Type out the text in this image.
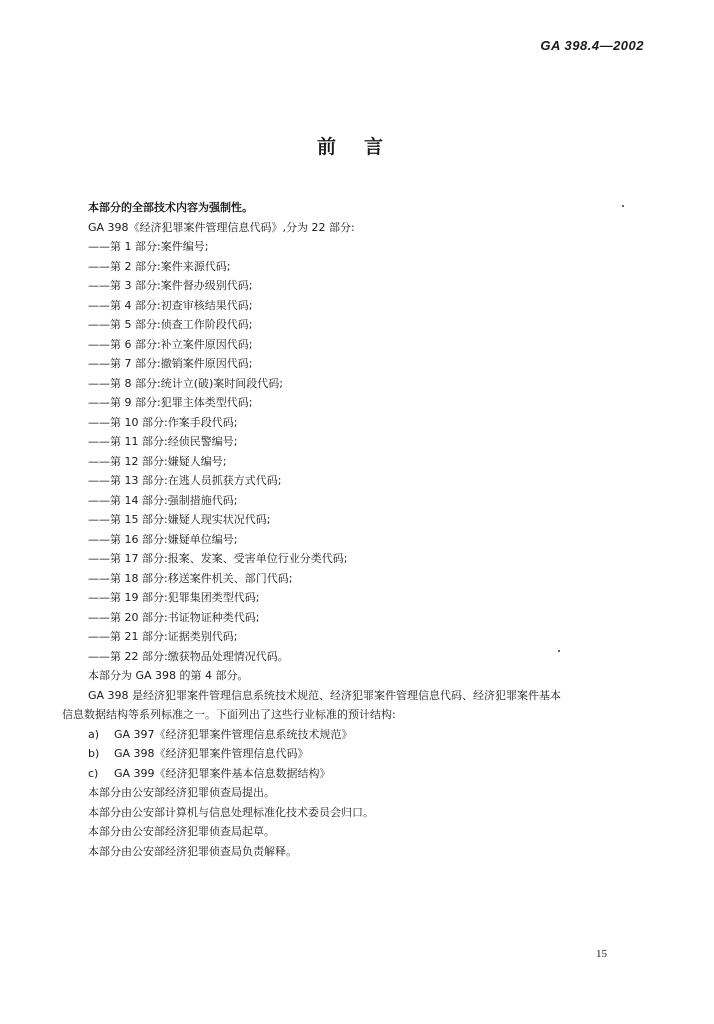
GA 398.4—2002
前言
本部分的全部技术内容为强制性。
GA 398《经济犯罪案件管理信息代码》,分为 22 部分:
——第 1 部分:案件编号;
——第 2 部分:案件来源代码;
——第 3 部分:案件督办级别代码;
——第 4 部分:初查审核结果代码;
——第 5 部分:侦查工作阶段代码;
——第 6 部分:补立案件原因代码;
——第 7 部分:撤销案件原因代码;
——第 8 部分:统计立(破)案时间段代码;
——第 9 部分:犯罪主体类型代码;
——第 10 部分:作案手段代码;
——第 11 部分:经侦民警编号;
——第 12 部分:嫌疑人编号;
——第 13 部分:在逃人员抓获方式代码;
——第 14 部分:强制措施代码;
——第 15 部分:嫌疑人现实状况代码;
——第 16 部分:嫌疑单位编号;
——第 17 部分:报案、发案、受害单位行业分类代码;
——第 18 部分:移送案件机关、部门代码;
——第 19 部分:犯罪集团类型代码;
——第 20 部分:书证物证种类代码;
——第 21 部分:证据类别代码;
——第 22 部分:缴获物品处理情况代码。
本部分为 GA 398 的第 4 部分。
GA 398 是经济犯罪案件管理信息系统技术规范、经济犯罪案件管理信息代码、经济犯罪案件基本
信息数据结构等系列标准之一。下面列出了这些行业标准的预计结构:
a) GA 397《经济犯罪案件管理信息系统技术规范》
b) GA 398《经济犯罪案件管理信息代码》
c) GA 399《经济犯罪案件基本信息数据结构》
本部分由公安部经济犯罪侦查局提出。
本部分由公安部计算机与信息处理标准化技术委员会归口。
本部分由公安部经济犯罪侦查局起草。
本部分由公安部经济犯罪侦查局负责解释。
15
